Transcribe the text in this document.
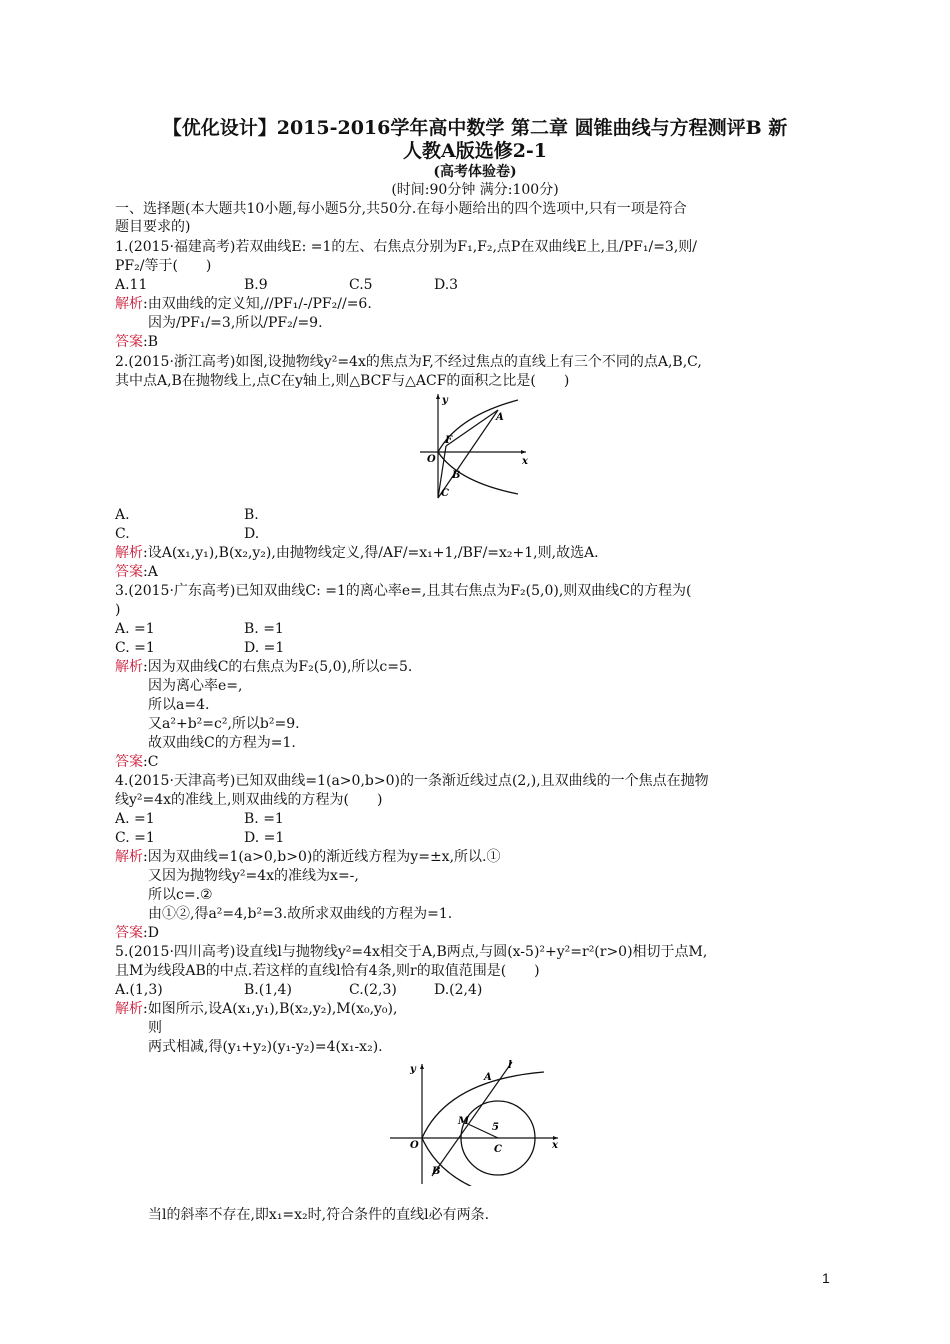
【优化设计】2015-2016学年高中数学 第二章 圆锥曲线与方程测评B 新
人教A版选修2-1
(高考体验卷)
(时间:90分钟 满分:100分)
一、选择题(本大题共10小题,每小题5分,共50分.在每小题给出的四个选项中,只有一项是符合
题目要求的)
1.(2015·福建高考)若双曲线E: =1的左、右焦点分别为F₁,F₂,点P在双曲线E上,且/PF₁/=3,则/
PF₂/等于(　　)
A.11	B.9	C.5	D.3
解析:由双曲线的定义知,//PF₁/-/PF₂//=6.
因为/PF₁/=3,所以/PF₂/=9.
答案:B
2.(2015·浙江高考)如图,设抛物线y²=4x的焦点为F,不经过焦点的直线上有三个不同的点A,B,C,
其中点A,B在抛物线上,点C在y轴上,则△BCF与△ACF的面积之比是(　　)
y
x
O
A
F
B
C
A.	B.
C.	D.
解析:设A(x₁,y₁),B(x₂,y₂),由抛物线定义,得/AF/=x₁+1,/BF/=x₂+1,则,故选A.
答案:A
3.(2015·广东高考)已知双曲线C: =1的离心率e=,且其右焦点为F₂(5,0),则双曲线C的方程为(
)
A. =1	B. =1
C. =1	D. =1
解析:因为双曲线C的右焦点为F₂(5,0),所以c=5.
因为离心率e=,
所以a=4.
又a²+b²=c²,所以b²=9.
故双曲线C的方程为=1.
答案:C
4.(2015·天津高考)已知双曲线=1(a>0,b>0)的一条渐近线过点(2,),且双曲线的一个焦点在抛物
线y²=4x的准线上,则双曲线的方程为(　　)
A. =1	B. =1
C. =1	D. =1
解析:因为双曲线=1(a>0,b>0)的渐近线方程为y=±x,所以.①
又因为抛物线y²=4x的准线为x=-,
所以c=.②
由①②,得a²=4,b²=3.故所求双曲线的方程为=1.
答案:D
5.(2015·四川高考)设直线l与抛物线y²=4x相交于A,B两点,与圆(x-5)²+y²=r²(r>0)相切于点M,
且M为线段AB的中点.若这样的直线l恰有4条,则r的取值范围是(　　)
A.(1,3)	B.(1,4)	C.(2,3)	D.(2,4)
解析:如图所示,设A(x₁,y₁),B(x₂,y₂),M(x₀,y₀),
则
两式相减,得(y₁+y₂)(y₁-y₂)=4(x₁-x₂).
y
x
O
A
M
C
5
B
l
当l的斜率不存在,即x₁=x₂时,符合条件的直线l必有两条.
1
